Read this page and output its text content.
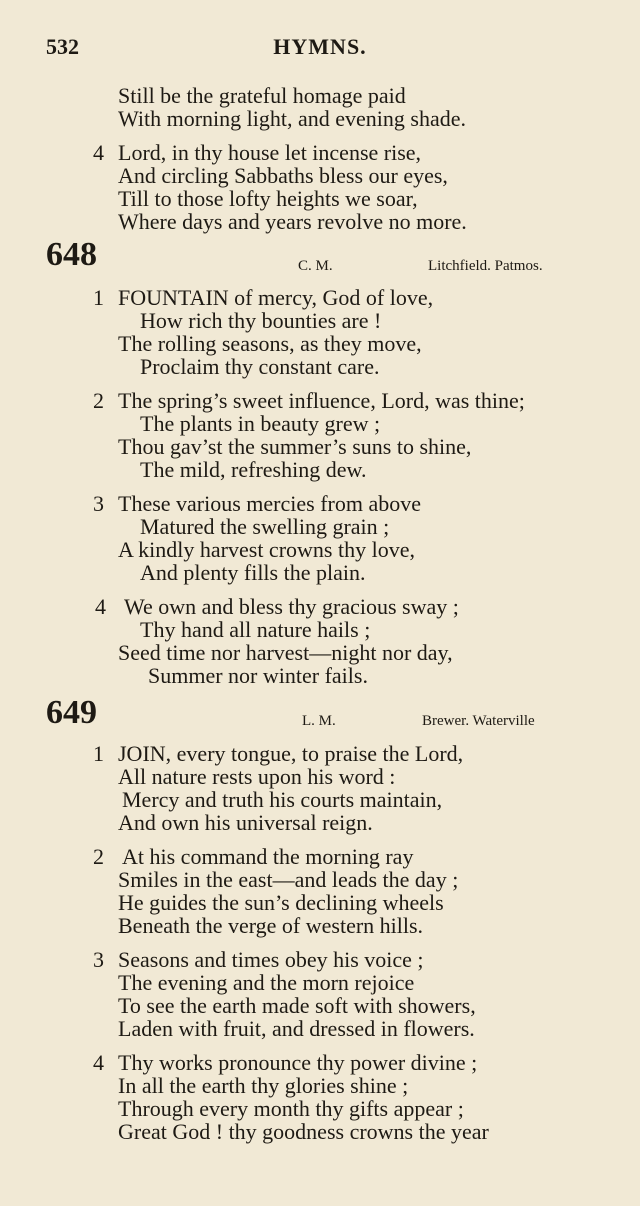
532	HYMNS.
Still be the grateful homage paid
With morning light, and evening shade.
4 Lord, in thy house let incense rise,
And circling Sabbaths bless our eyes,
Till to those lofty heights we soar,
Where days and years revolve no more.
648	C. M.	Litchfield. Patmos.
1 FOUNTAIN of mercy, God of love,
How rich thy bounties are !
The rolling seasons, as they move,
Proclaim thy constant care.
2 The spring’s sweet influence, Lord, was thine;
The plants in beauty grew ;
Thou gav’st the summer’s suns to shine,
The mild, refreshing dew.
3 These various mercies from above
Matured the swelling grain ;
A kindly harvest crowns thy love,
And plenty fills the plain.
4 We own and bless thy gracious sway ;
Thy hand all nature hails ;
Seed time nor harvest—night nor day,
Summer nor winter fails.
649	L. M.	Brewer. Waterville
1 JOIN, every tongue, to praise the Lord,
All nature rests upon his word :
Mercy and truth his courts maintain,
And own his universal reign.
2 At his command the morning ray
Smiles in the east—and leads the day ;
He guides the sun’s declining wheels
Beneath the verge of western hills.
3 Seasons and times obey his voice ;
The evening and the morn rejoice
To see the earth made soft with showers,
Laden with fruit, and dressed in flowers.
4 Thy works pronounce thy power divine ;
In all the earth thy glories shine ;
Through every month thy gifts appear ;
Great God ! thy goodness crowns the year
